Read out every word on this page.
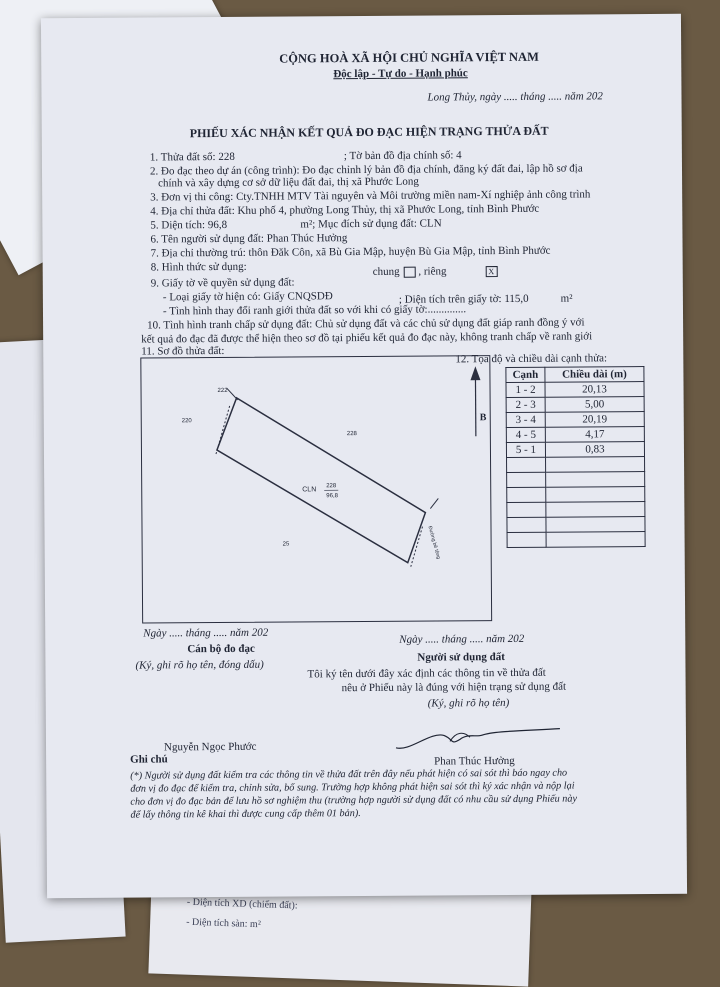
- Diện tích XD (chiếm đất):
- Diện tích sàn: m²
CỘNG HOÀ XÃ HỘI CHỦ NGHĨA VIỆT NAM
Độc lập - Tự do - Hạnh phúc
Long Thủy, ngày ..... tháng ..... năm 202
PHIẾU XÁC NHẬN KẾT QUẢ ĐO ĐẠC HIỆN TRẠNG THỬA ĐẤT
1. Thửa đất số: 228	; Tờ bản đồ địa chính số: 4
2. Đo đạc theo dự án (công trình): Đo đạc chỉnh lý bản đồ địa chính, đăng ký đất đai, lập hồ sơ địa
chính và xây dựng cơ sở dữ liệu đất đai, thị xã Phước Long
3. Đơn vị thi công: Cty.TNHH MTV Tài nguyên và Môi trường miền nam-Xí nghiệp ảnh công trình
4. Địa chỉ thửa đất: Khu phố 4, phường Long Thủy, thị xã Phước Long, tỉnh Bình Phước
5. Diện tích: 96,8	m²; Mục đích sử dụng đất: CLN
6. Tên người sử dụng đất: Phan Thúc Hưởng
7. Địa chỉ thường trú: thôn Đăk Côn, xã Bù Gia Mập, huyện Bù Gia Mập, tỉnh Bình Phước
8. Hình thức sử dụng:	chung , riêng	X
9. Giấy tờ về quyền sử dụng đất:
- Loại giấy tờ hiện có: Giấy CNQSDĐ	; Diện tích trên giấy tờ: 115,0	m²
- Tình hình thay đổi ranh giới thửa đất so với khi có giấy tờ:..............
10. Tình hình tranh chấp sử dụng đất: Chủ sử dụng đất và các chủ sử dụng đất giáp ranh đồng ý với
kết quả đo đạc đã được thể hiện theo sơ đồ tại phiếu kết quả đo đạc này, không tranh chấp về ranh giới
11. Sơ đồ thửa đất:
12. Tọa độ và chiều dài cạnh thửa:
B
CLN
228
96,8
228
220
222
25	Đường bê tông
Cạnh	Chiều dài (m)
1 - 2	20,13
2 - 3	5,00
3 - 4	20,19
4 - 5	4,17
5 - 1	0,83

Ngày ..... tháng ..... năm 202
Cán bộ đo đạc
(Ký, ghi rõ họ tên, đóng dấu)
Nguyễn Ngọc Phước
Ngày ..... tháng ..... năm 202
Người sử dụng đất
Tôi ký tên dưới đây xác định các thông tin về thửa đất
nêu ở Phiếu này là đúng với hiện trạng sử dụng đất
(Ký, ghi rõ họ tên)
Phan Thúc Hưởng
Ghi chú
(*) Người sử dụng đất kiểm tra các thông tin về thửa đất trên đây nếu phát hiện có sai sót thì báo ngay cho đơn vị đo đạc để kiểm tra, chỉnh sửa, bổ sung. Trường hợp không phát hiện sai sót thì ký xác nhận và nộp lại cho đơn vị đo đạc bản để lưu hồ sơ nghiệm thu (trường hợp người sử dụng đất có nhu cầu sử dụng Phiếu này để lấy thông tin kê khai thì được cung cấp thêm 01 bản).
